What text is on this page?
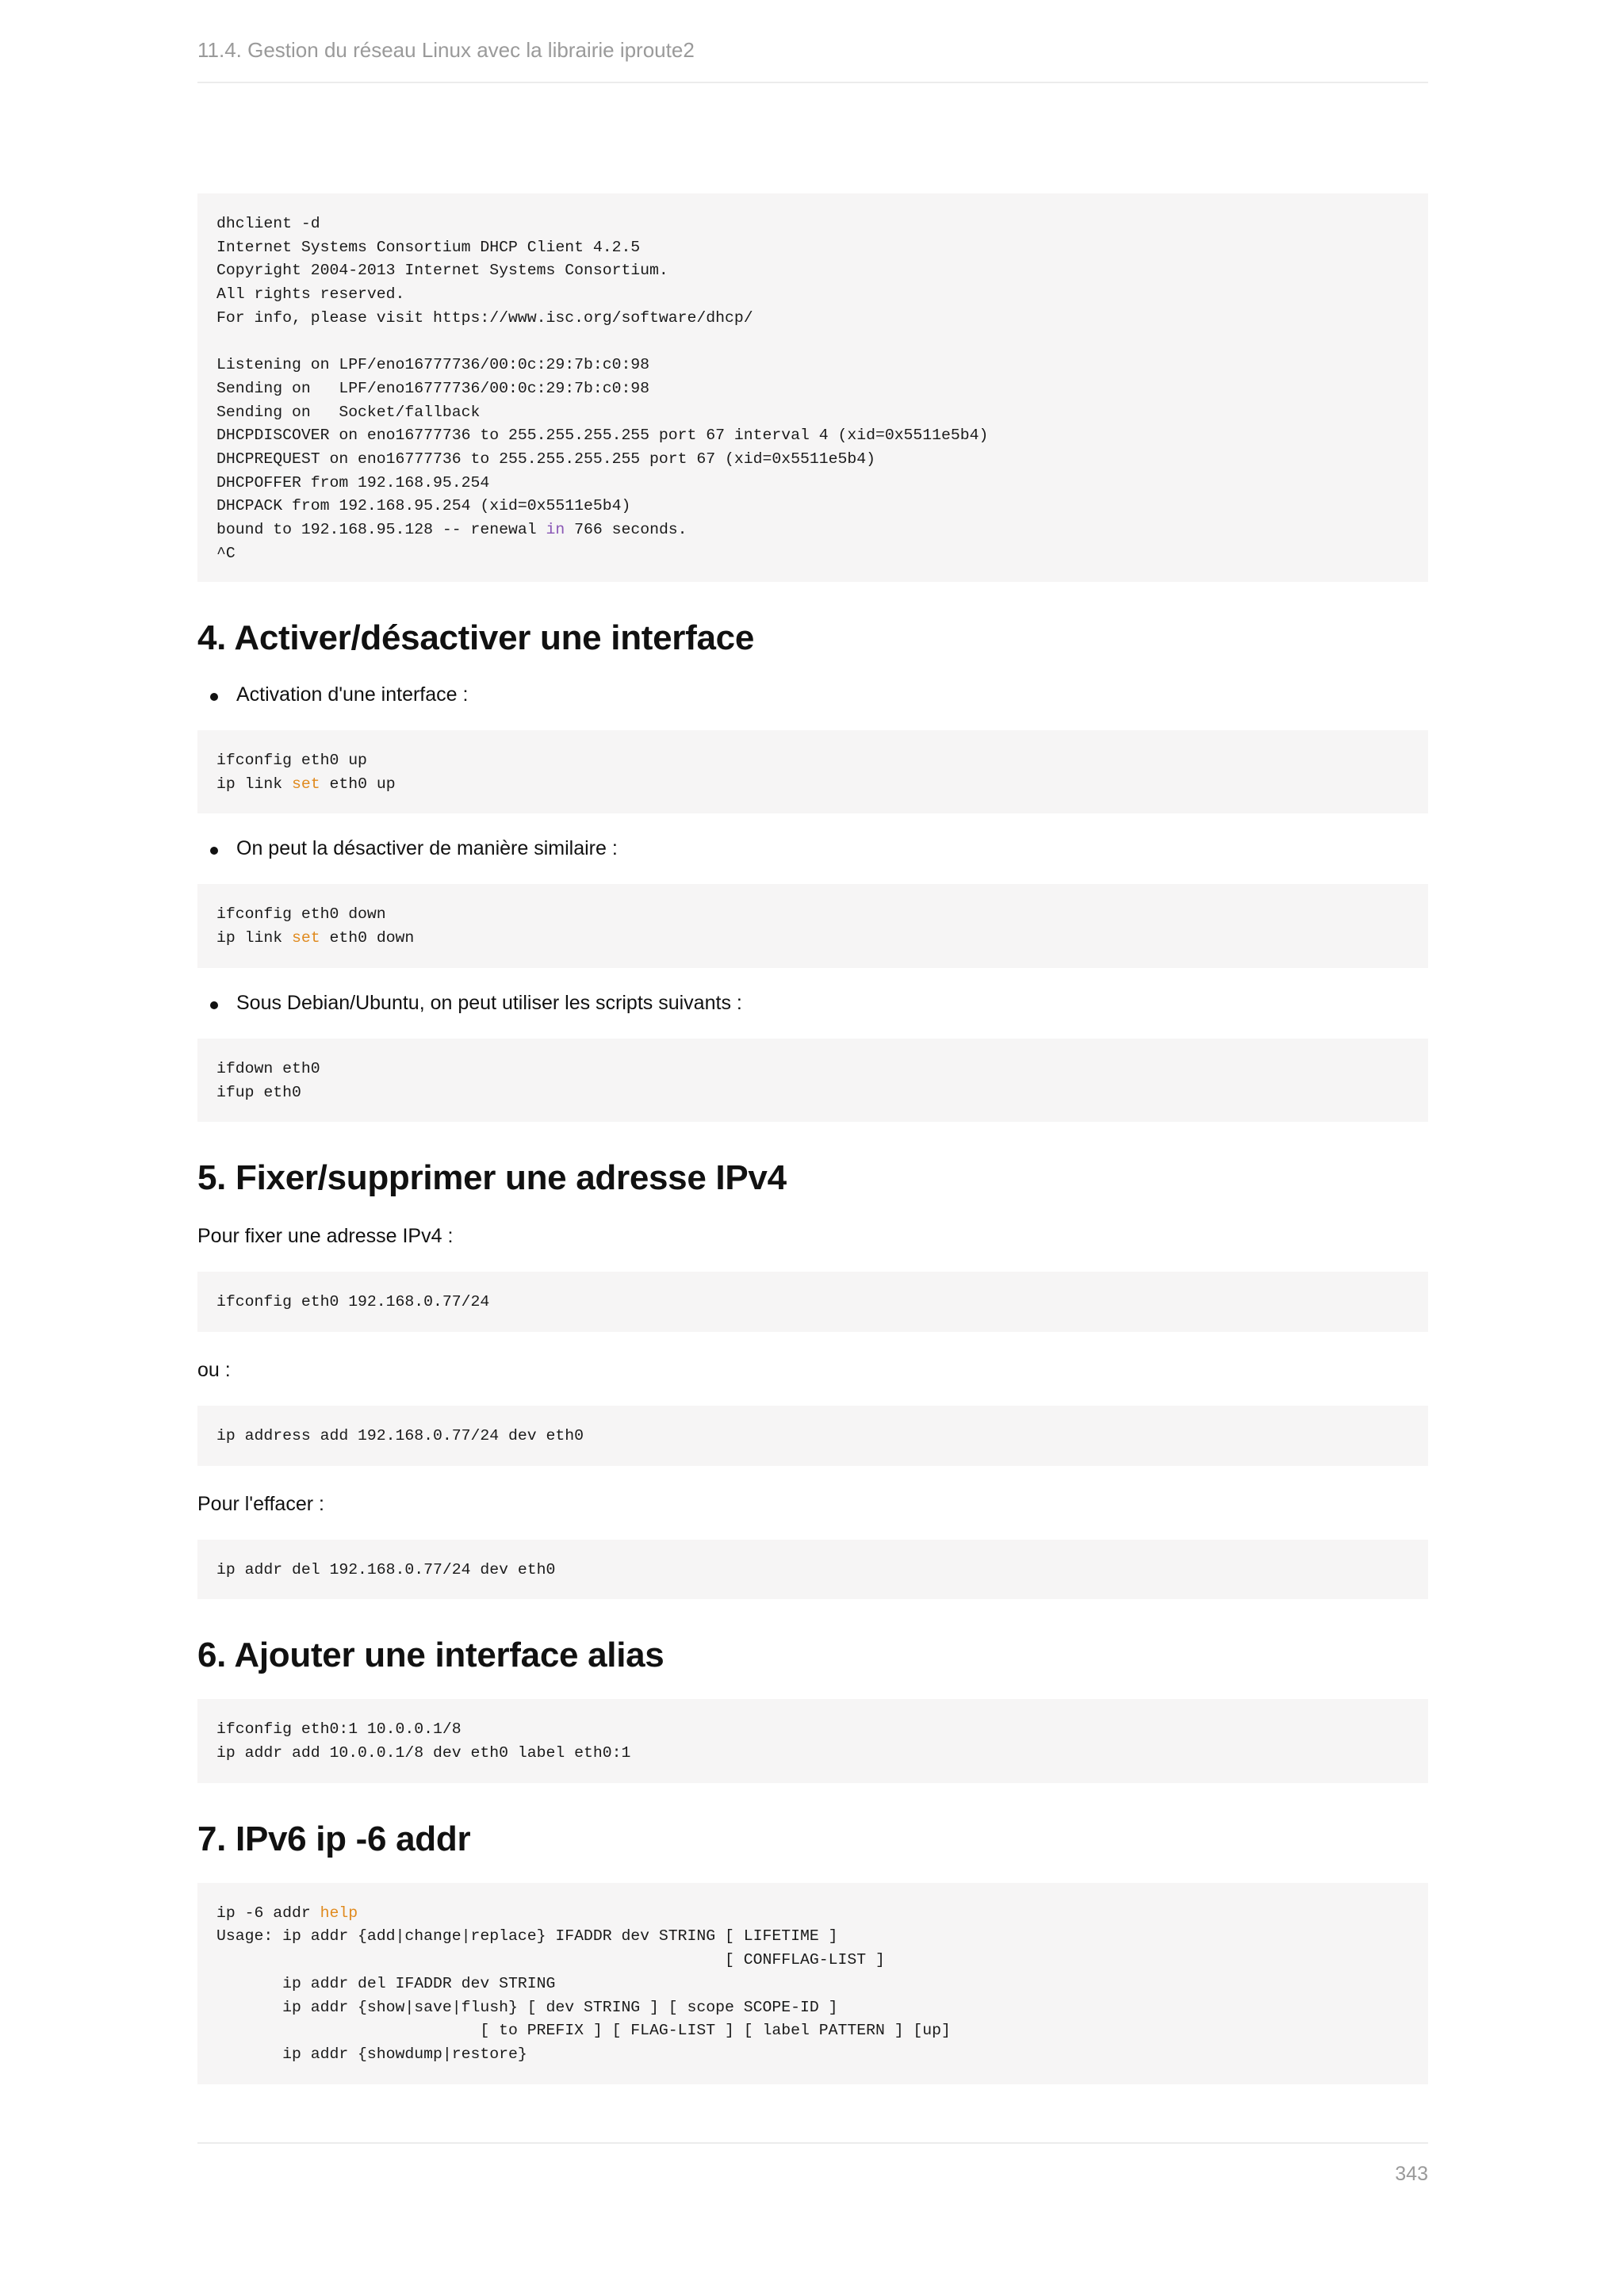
11.4. Gestion du réseau Linux avec la librairie iproute2
dhclient -d
Internet Systems Consortium DHCP Client 4.2.5
Copyright 2004-2013 Internet Systems Consortium.
All rights reserved.
For info, please visit https://www.isc.org/software/dhcp/

Listening on LPF/eno16777736/00:0c:29:7b:c0:98
Sending on   LPF/eno16777736/00:0c:29:7b:c0:98
Sending on   Socket/fallback
DHCPDISCOVER on eno16777736 to 255.255.255.255 port 67 interval 4 (xid=0x5511e5b4)
DHCPREQUEST on eno16777736 to 255.255.255.255 port 67 (xid=0x5511e5b4)
DHCPOFFER from 192.168.95.254
DHCPACK from 192.168.95.254 (xid=0x5511e5b4)
bound to 192.168.95.128 -- renewal in 766 seconds.
^C
4. Activer/désactiver une interface
Activation d'une interface :
ifconfig eth0 up
ip link set eth0 up
On peut la désactiver de manière similaire :
ifconfig eth0 down
ip link set eth0 down
Sous Debian/Ubuntu, on peut utiliser les scripts suivants :
ifdown eth0
ifup eth0
5. Fixer/supprimer une adresse IPv4

Pour fixer une adresse IPv4 :

ifconfig eth0 192.168.0.77/24

ou :

ip address add 192.168.0.77/24 dev eth0

Pour l'effacer :

ip addr del 192.168.0.77/24 dev eth0
6. Ajouter une interface alias
ifconfig eth0:1 10.0.0.1/8
ip addr add 10.0.0.1/8 dev eth0 label eth0:1
7. IPv6 ip -6 addr
ip -6 addr help
Usage: ip addr {add|change|replace} IFADDR dev STRING [ LIFETIME ]
[ CONFFLAG-LIST ]
ip addr del IFADDR dev STRING
ip addr {show|save|flush} [ dev STRING ] [ scope SCOPE-ID ]
[ to PREFIX ] [ FLAG-LIST ] [ label PATTERN ] [up]
ip addr {showdump|restore}
343
